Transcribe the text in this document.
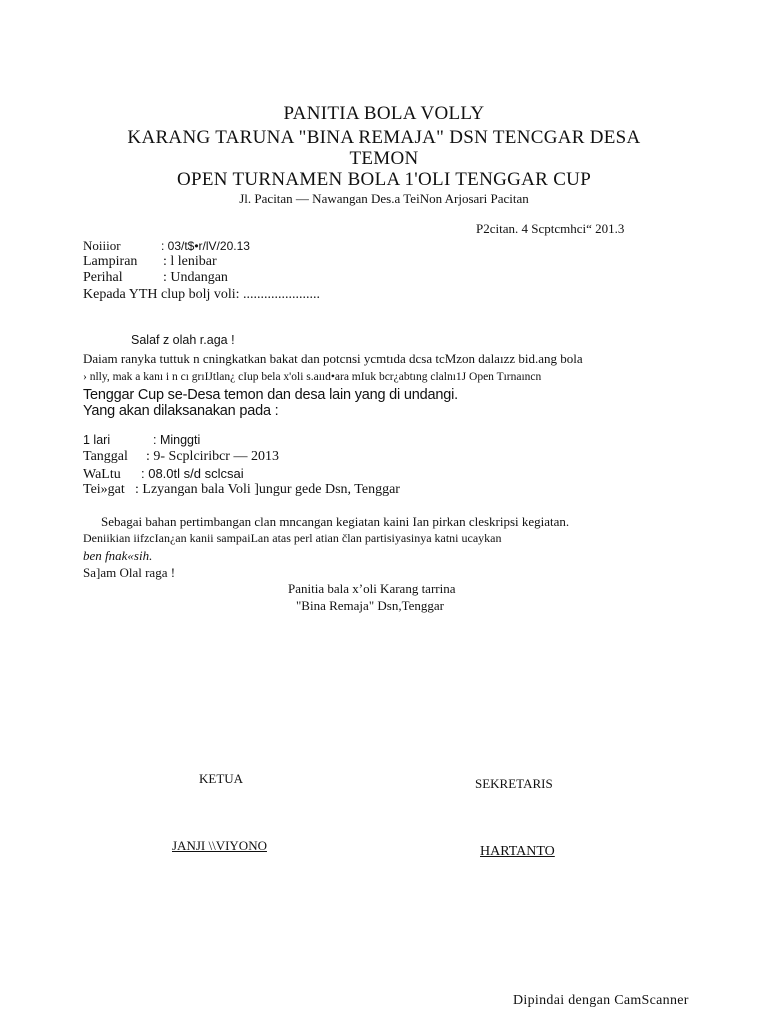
PANITIA BOLA VOLLY
KARANG TARUNA "BINA REMAJA" DSN TENCGAR DESA
TEMON
OPEN TURNAMEN BOLA 1'OLI TENGGAR CUP
Jl. Pacitan — Nawangan Des.a TeiNon Arjosari Pacitan
P2citan. 4 Scptcmhci“ 201.3
Noiiior	: 03/t$•r/lV/20.13
Lampiran : l lenibar
Perihal	: Undangan
Kepada YTH clup bolj voli: ......................
Salaf z olah r.aga !
Daiam ranyka tuttuk n cningkatkan bakat dan potcnsi ycmtıda dcsa tcMzon dalaızz bid.ang bola
› nlly, mak a kanı i n cı grıIJtlan¿ cIup bela x'oli s.aııd•ara mIuk bcr¿abtıng clalnı1J Open Tırnaıncn
Tenggar Cup se-Desa temon dan desa lain yang di undangi.
Yang akan dilaksanakan pada :
1 lari	: Minggti
Tanggal : 9- Scplciribcr — 2013
WaLtu : 08.0tl s/d sclcsai
Tei»gat : Lzyangan bala Voli ]ungur gede Dsn, Tenggar
Sebagai bahan pertimbangan clan mncangan kegiatan kaini Ian pirkan cleskripsi kegiatan.
Deniikian iifzcIan¿an kanii sampaiLan atas perl atian član partisiyasinya katni ucaykan
ben fnak«sih.
Sa]am Olal raga !
Panitia bala x’oli Karang tarrina
"Bina Remaja" Dsn,Tenggar
KETUA
JANJI \\VIYONO
SEKRETARIS
HARTANTO
Dipindai dengan CamScanner
